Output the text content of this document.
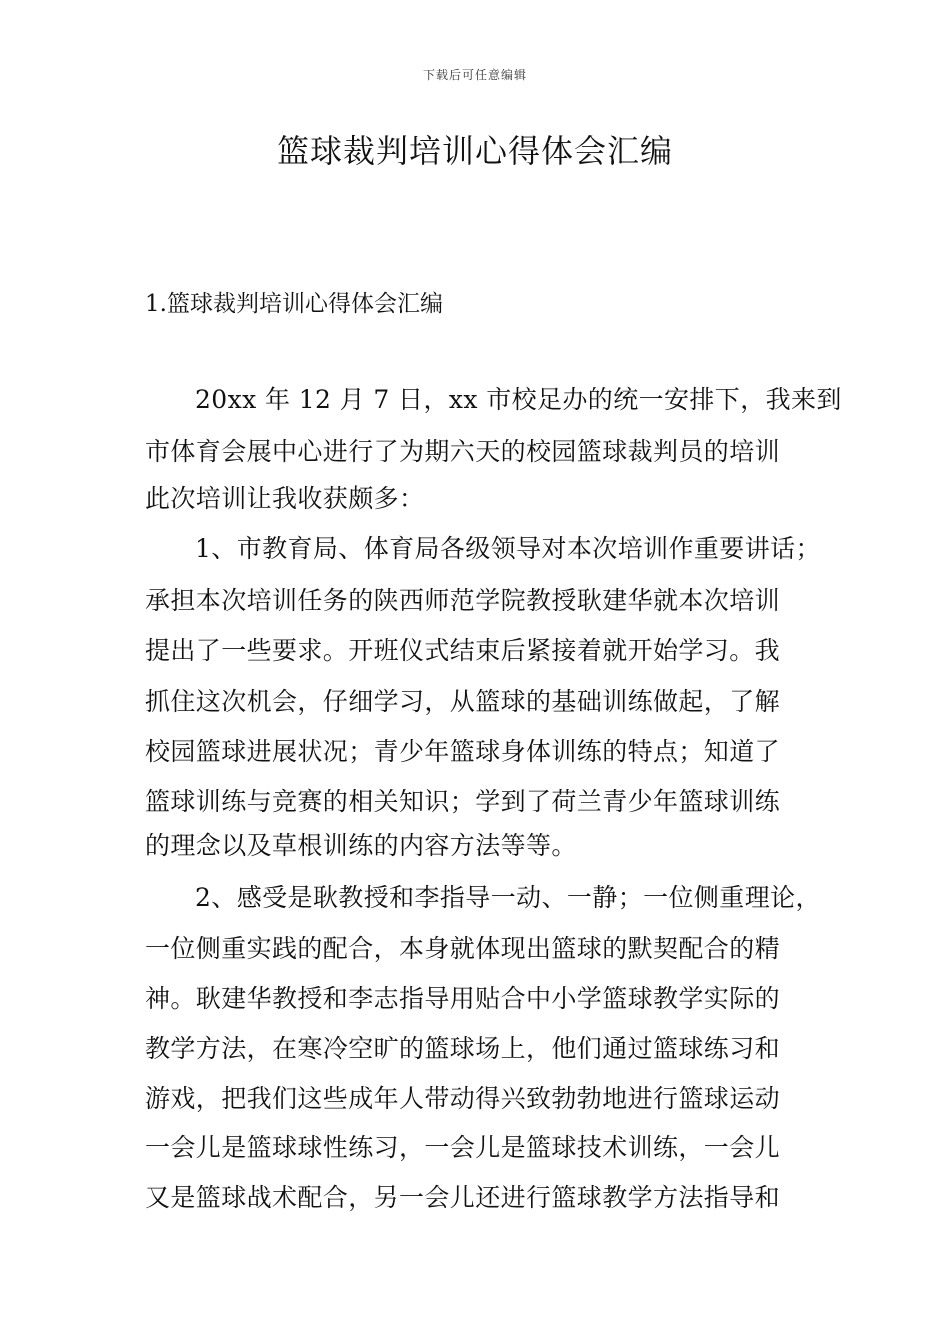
下载后可任意编辑
篮球裁判培训心得体会汇编
1.篮球裁判培训心得体会汇编
20xx 年 12 月 7 日，xx 市校足办的统一安排下，我来到
市体育会展中心进行了为期六天的校园篮球裁判员的培训
此次培训让我收获颇多：
1、市教育局、体育局各级领导对本次培训作重要讲话；
承担本次培训任务的陕西师范学院教授耿建华就本次培训
提出了一些要求。开班仪式结束后紧接着就开始学习。我
抓住这次机会，仔细学习，从篮球的基础训练做起，了解
校园篮球进展状况；青少年篮球身体训练的特点；知道了
篮球训练与竞赛的相关知识；学到了荷兰青少年篮球训练
的理念以及草根训练的内容方法等等。
2、感受是耿教授和李指导一动、一静；一位侧重理论，
一位侧重实践的配合，本身就体现出篮球的默契配合的精
神。耿建华教授和李志指导用贴合中小学篮球教学实际的
教学方法，在寒冷空旷的篮球场上，他们通过篮球练习和
游戏，把我们这些成年人带动得兴致勃勃地进行篮球运动
一会儿是篮球球性练习，一会儿是篮球技术训练，一会儿
又是篮球战术配合，另一会儿还进行篮球教学方法指导和
